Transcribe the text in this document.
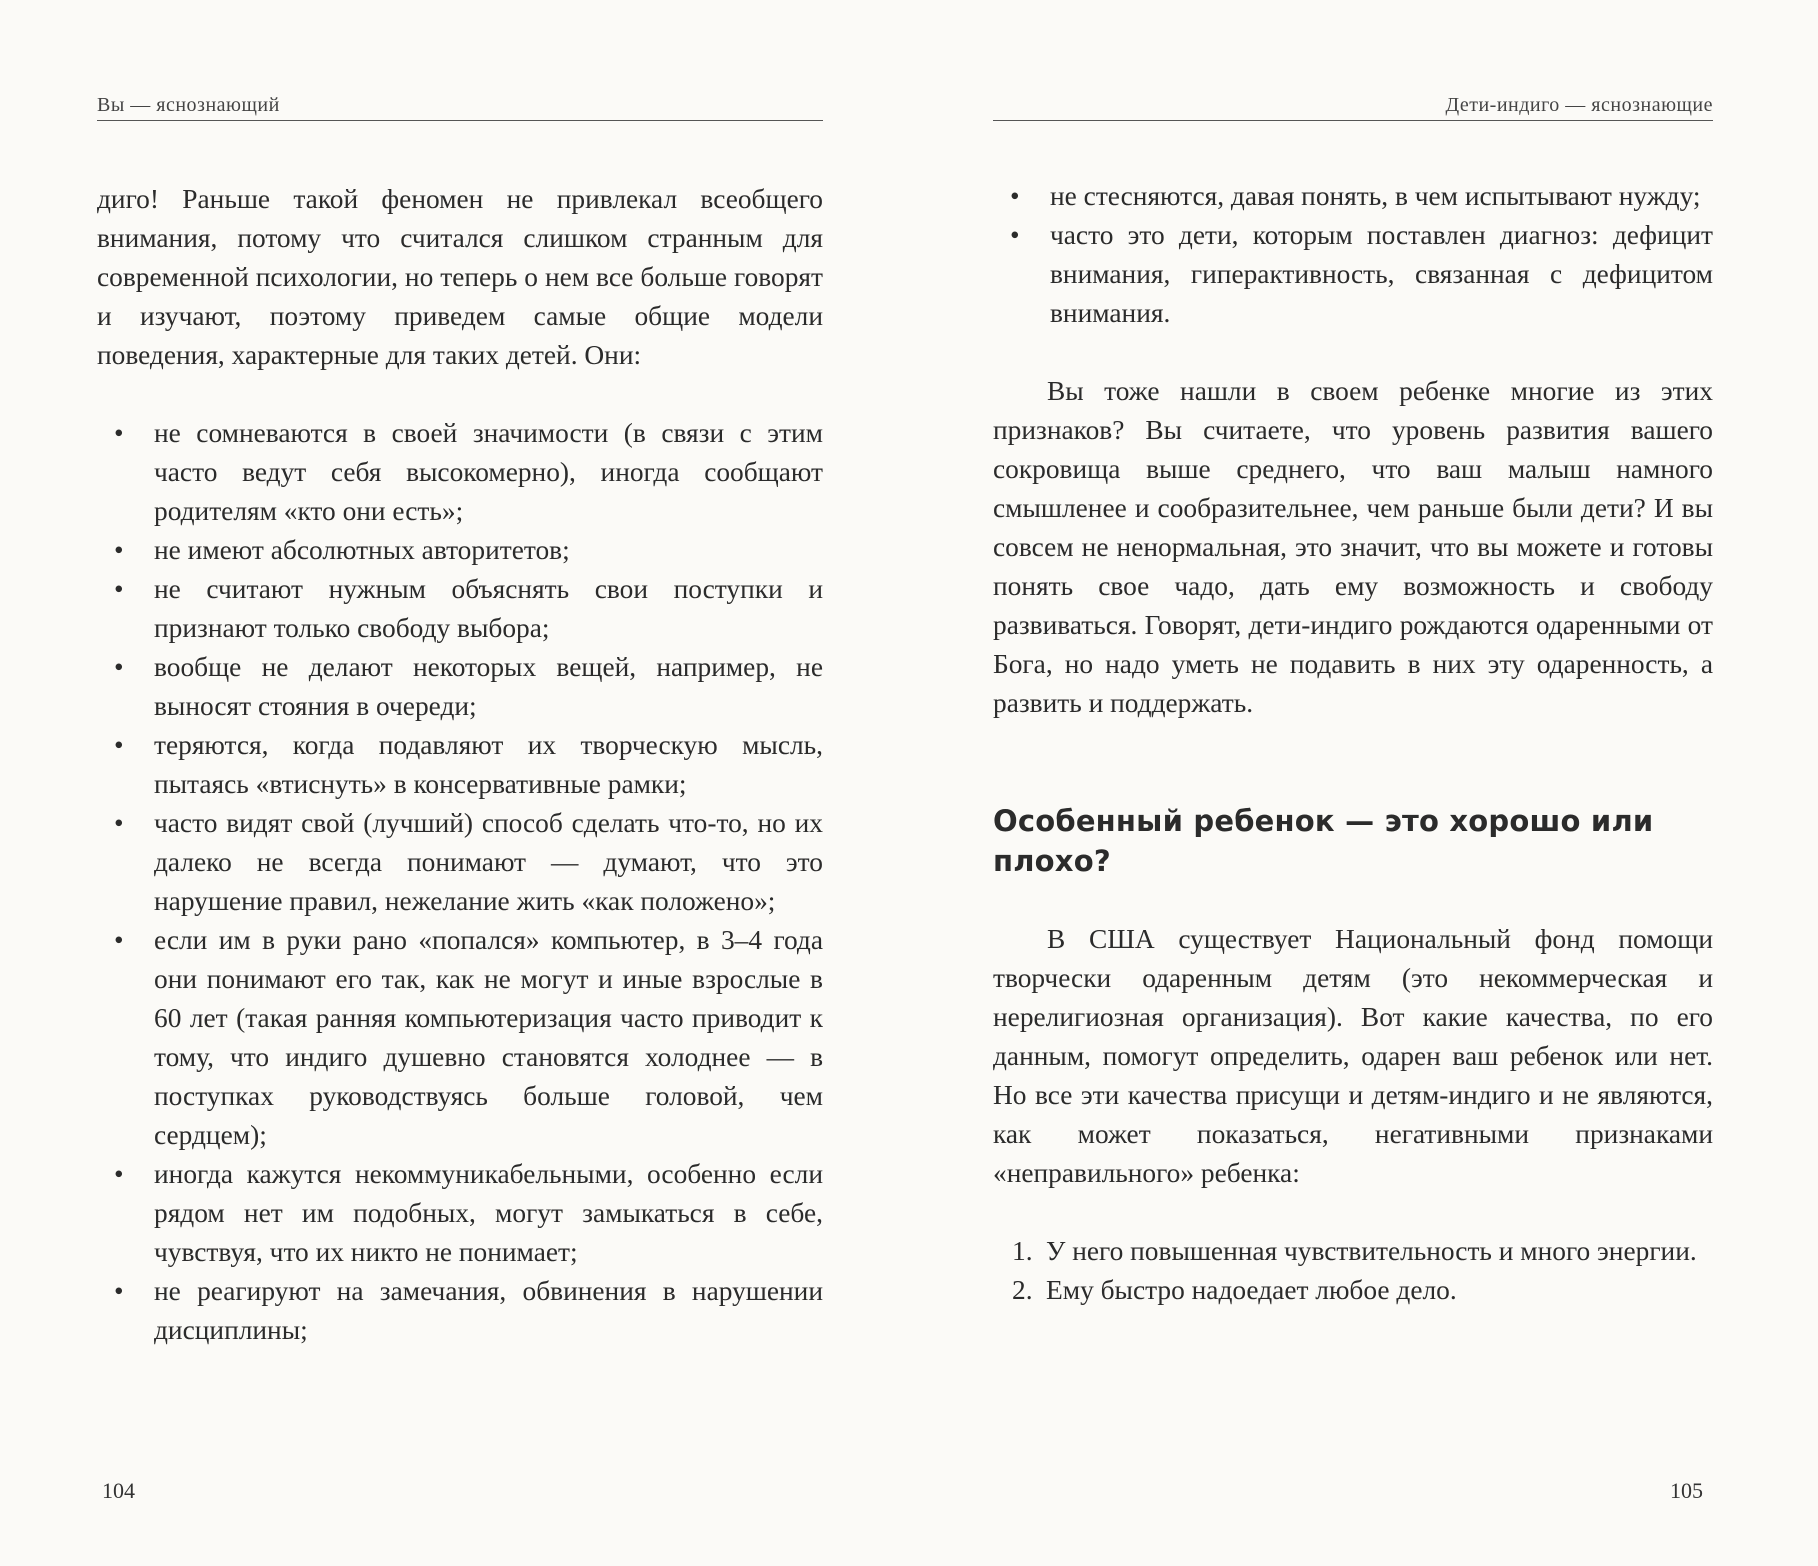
Вы — яснознающий

диго! Раньше такой феномен не привлекал всеобщего внимания, потому что считался слишком странным для современной психологии, но теперь о нем все больше говорят и изучают, поэтому приведем самые общие модели поведения, характерные для таких детей. Они:

• не сомневаются в своей значимости (в связи с этим часто ведут себя высокомерно), иногда сообщают родителям «кто они есть»;
• не имеют абсолютных авторитетов;
• не считают нужным объяснять свои поступки и признают только свободу выбора;
• вообще не делают некоторых вещей, например, не выносят стояния в очереди;
• теряются, когда подавляют их творческую мысль, пытаясь «втиснуть» в консервативные рамки;
• часто видят свой (лучший) способ сделать что-то, но их далеко не всегда понимают — думают, что это нарушение правил, нежелание жить «как положено»;
• если им в руки рано «попался» компьютер, в 3–4 года они понимают его так, как не могут и иные взрослые в 60 лет (такая ранняя компьютеризация часто приводит к тому, что индиго душевно становятся холоднее — в поступках руководствуясь больше головой, чем сердцем);
• иногда кажутся некоммуникабельными, особенно если рядом нет им подобных, могут замыкаться в себе, чувствуя, что их никто не понимает;
• не реагируют на замечания, обвинения в нарушении дисциплины;
104
Дети-индиго — яснознающие
• не стесняются, давая понять, в чем испытывают нужду;
• часто это дети, которым поставлен диагноз: дефицит внимания, гиперактивность, связанная с дефицитом внимания.

Вы тоже нашли в своем ребенке многие из этих признаков? Вы считаете, что уровень развития вашего сокровища выше среднего, что ваш малыш намного смышленее и сообразительнее, чем раньше были дети? И вы совсем не ненормальная, это значит, что вы можете и готовы понять свое чадо, дать ему возможность и свободу развиваться. Говорят, дети-индиго рождаются одаренными от Бога, но надо уметь не подавить в них эту одаренность, а развить и поддержать.

Особенный ребенок — это хорошо или плохо?

В США существует Национальный фонд помощи творчески одаренным детям (это некоммерческая и нерелигиозная организация). Вот какие качества, по его данным, помогут определить, одарен ваш ребенок или нет. Но все эти качества присущи и детям-индиго и не являются, как может показаться, негативными признаками «неправильного» ребенка:

1. У него повышенная чувствительность и много энергии.
2. Ему быстро надоедает любое дело.
105
